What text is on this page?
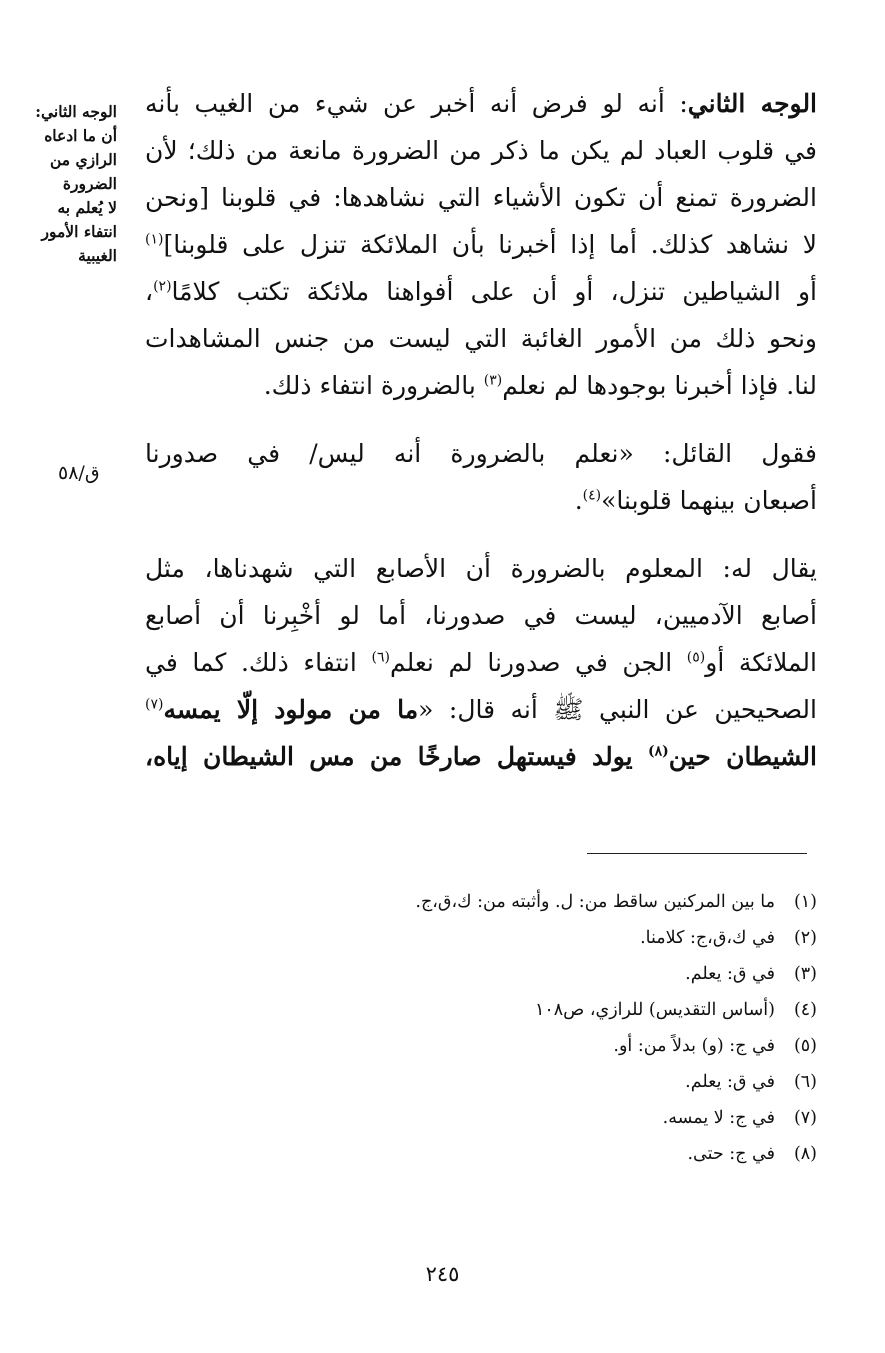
الوجه الثاني:
أن ما ادعاه
الرازي من
الضرورة
لا يُعلم به
انتفاء الأمور
الغيبية
ق/٥٨
الوجه الثاني: أنه لو فرض أنه أخبر عن شيء من الغيب بأنه
في قلوب العباد لم يكن ما ذكر من الضرورة مانعة من ذلك؛ لأن
الضرورة تمنع أن تكون الأشياء التي نشاهدها: في قلوبنا [ونحن
لا نشاهد كذلك. أما إذا أخبرنا بأن الملائكة تنزل على قلوبنا]$^{(١)}$
أو الشياطين تنزل، أو أن على أفواهنا ملائكة تكتب كلامًا$^{(٢)}$،
ونحو ذلك من الأمور الغائبة التي ليست من جنس المشاهدات
لنا. فإذا أخبرنا بوجودها لم نعلم$^{(٣)}$ بالضرورة انتفاء ذلك.
فقول القائل: «نعلم بالضرورة أنه ليس/ في صدورنا
أصبعان بينهما قلوبنا»$^{(٤)}$.
يقال له: المعلوم بالضرورة أن الأصابع التي شهدناها، مثل
أصابع الآدميين، ليست في صدورنا، أما لو أخْبِرنا أن أصابع
الملائكة أو$^{(٥)}$ الجن في صدورنا لم نعلم$^{(٦)}$ انتفاء ذلك. كما في
الصحيحين عن النبي ﷺ أنه قال: «ما من مولود إلّا يمسه$^{(٧)}$
الشيطان حين$^{(٨)}$ يولد فيستهل صارخًا من مس الشيطان إياه،
(١)ما بين المركنين ساقط من: ل. وأثبته من: ك،ق،ج.
(٢)في ك،ق،ج: كلامنا.
(٣)في ق: يعلم.
(٤)(أساس التقديس) للرازي، ص١٠٨
(٥)في ج: (و) بدلاً من: أو.
(٦)في ق: يعلم.
(٧)في ج: لا يمسه.
(٨)في ج: حتى.
٢٤٥
